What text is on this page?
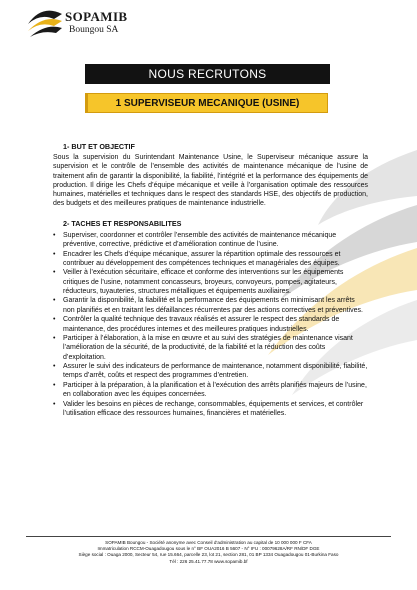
SOPAMIB
Boungou SA
NOUS RECRUTONS
1 SUPERVISEUR MECANIQUE (USINE)
1- BUT ET OBJECTIF

Sous la supervision du Surintendant Maintenance Usine, le Superviseur mécanique assure la supervision et le contrôle de l’ensemble des activités de maintenance mécanique de l’usine de traitement afin de garantir la disponibilité, la fiabilité, l’intégrité et la performance des équipements de production. Il dirige les Chefs d’équipe mécanique et veille à l’organisation optimale des ressources humaines, matérielles et techniques dans le respect des standards HSE, des objectifs de production, des budgets et des meilleures pratiques de maintenance industrielle.

2- TACHES ET RESPONSABILITES
• Superviser, coordonner et contrôler l’ensemble des activités de maintenance mécanique préventive, corrective, prédictive et d’amélioration continue de l’usine.
• Encadrer les Chefs d’équipe mécanique, assurer la répartition optimale des ressources et contribuer au développement des compétences techniques et managériales des équipes.
• Veiller à l’exécution sécuritaire, efficace et conforme des interventions sur les équipements critiques de l’usine, notamment concasseurs, broyeurs, convoyeurs, pompes, agitateurs, réducteurs, tuyauteries, structures métalliques et équipements auxiliaires.
• Garantir la disponibilité, la fiabilité et la performance des équipements en minimisant les arrêts non planifiés et en traitant les défaillances récurrentes par des actions correctives et préventives.
• Contrôler la qualité technique des travaux réalisés et assurer le respect des standards de maintenance, des procédures internes et des meilleures pratiques industrielles.
• Participer à l’élaboration, à la mise en œuvre et au suivi des stratégies de maintenance visant l’amélioration de la sécurité, de la productivité, de la fiabilité et la réduction des coûts d’exploitation.
• Assurer le suivi des indicateurs de performance de maintenance, notamment disponibilité, fiabilité, temps d’arrêt, coûts et respect des programmes d’entretien.
• Participer à la préparation, à la planification et à l’exécution des arrêts planifiés majeurs de l’usine, en collaboration avec les équipes concernées.
• Valider les besoins en pièces de rechange, consommables, équipements et services, et contrôler l’utilisation efficace des ressources humaines, financières et matérielles.
SOPAMIB Boungou - Société anonyme avec Conseil d’administration au capital de 10 000 000 F CFA
Immatriculation RCCM-Ouagadougou sous le n° BF OUA2016 B 5607 - N° IFU : 00079628A/RF RN/DF DGE
Siège social : Ouaga 2000, Secteur 54, rue 15.664, parcelle 23, lot 21, section 281, 01 BP 1334 Ouagadougou 01-Burkina Faso
Tél : 226 25.41.77.78 www.sopamib.bf
